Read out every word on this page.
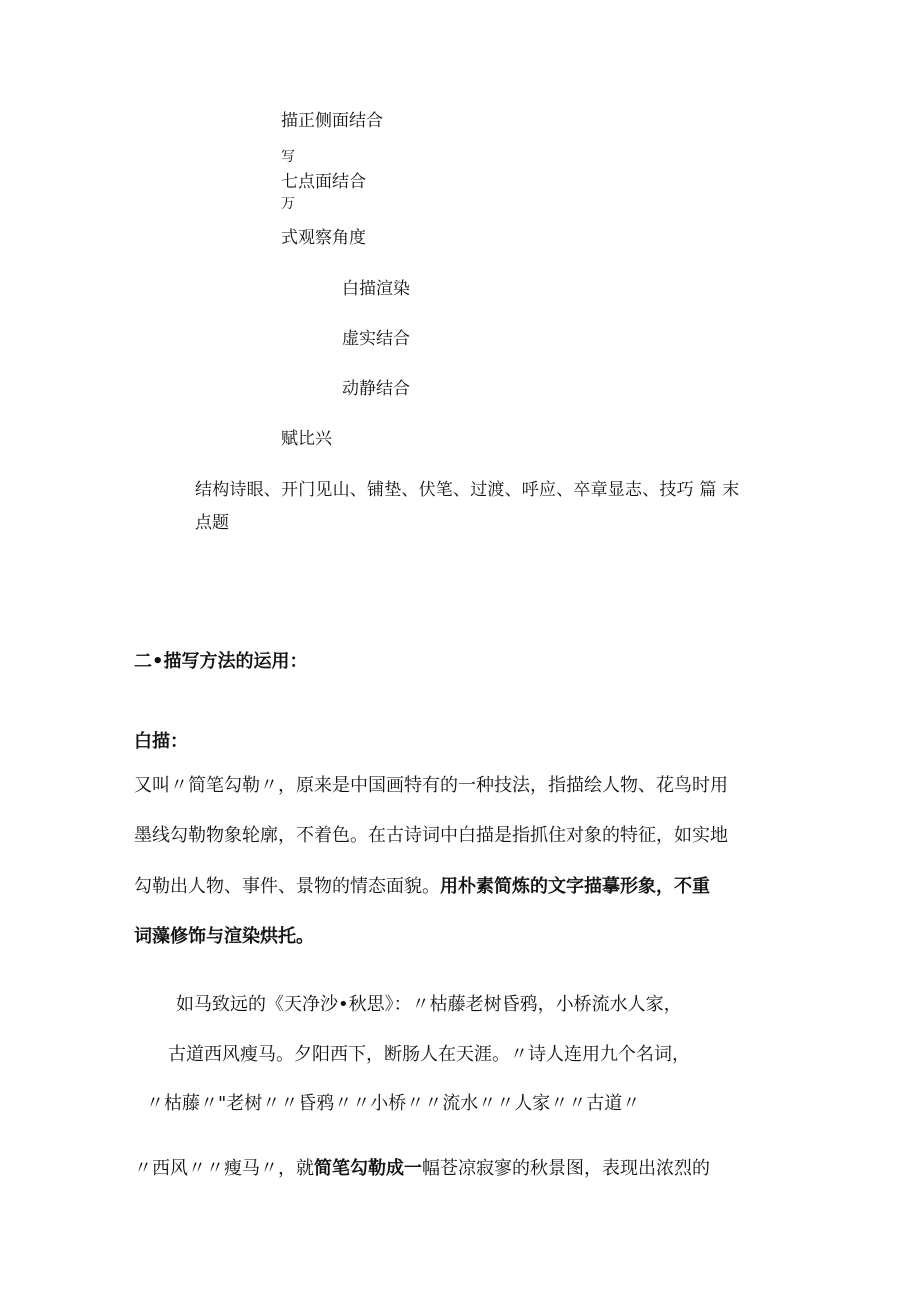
描正侧面结合
写
七点面结合
万
式观察角度
白描渲染
虚实结合
动静结合
赋比兴
结构诗眼、开门见山、铺垫、伏笔、过渡、呼应、卒章显志、技巧 篇 末
点题
二•描写方法的运用：
白描：
又叫〃简笔勾勒〃，原来是中国画特有的一种技法，指描绘人物、花鸟时用
墨线勾勒物象轮廓，不着色。在古诗词中白描是指抓住对象的特征，如实地
勾勒出人物、事件、景物的情态面貌。用朴素简炼的文字描摹形象，不重
词藻修饰与渲染烘托。
如马致远的《天净沙•秋思》：〃枯藤老树昏鸦，小桥流水人家，
古道西风瘦马。夕阳西下，断肠人在天涯。〃诗人连用九个名词，
〃枯藤〃"老树〃〃昏鸦〃〃小桥〃〃流水〃〃人家〃〃古道〃
〃西风〃〃瘦马〃，就简笔勾勒成一幅苍凉寂寥的秋景图，表现出浓烈的
